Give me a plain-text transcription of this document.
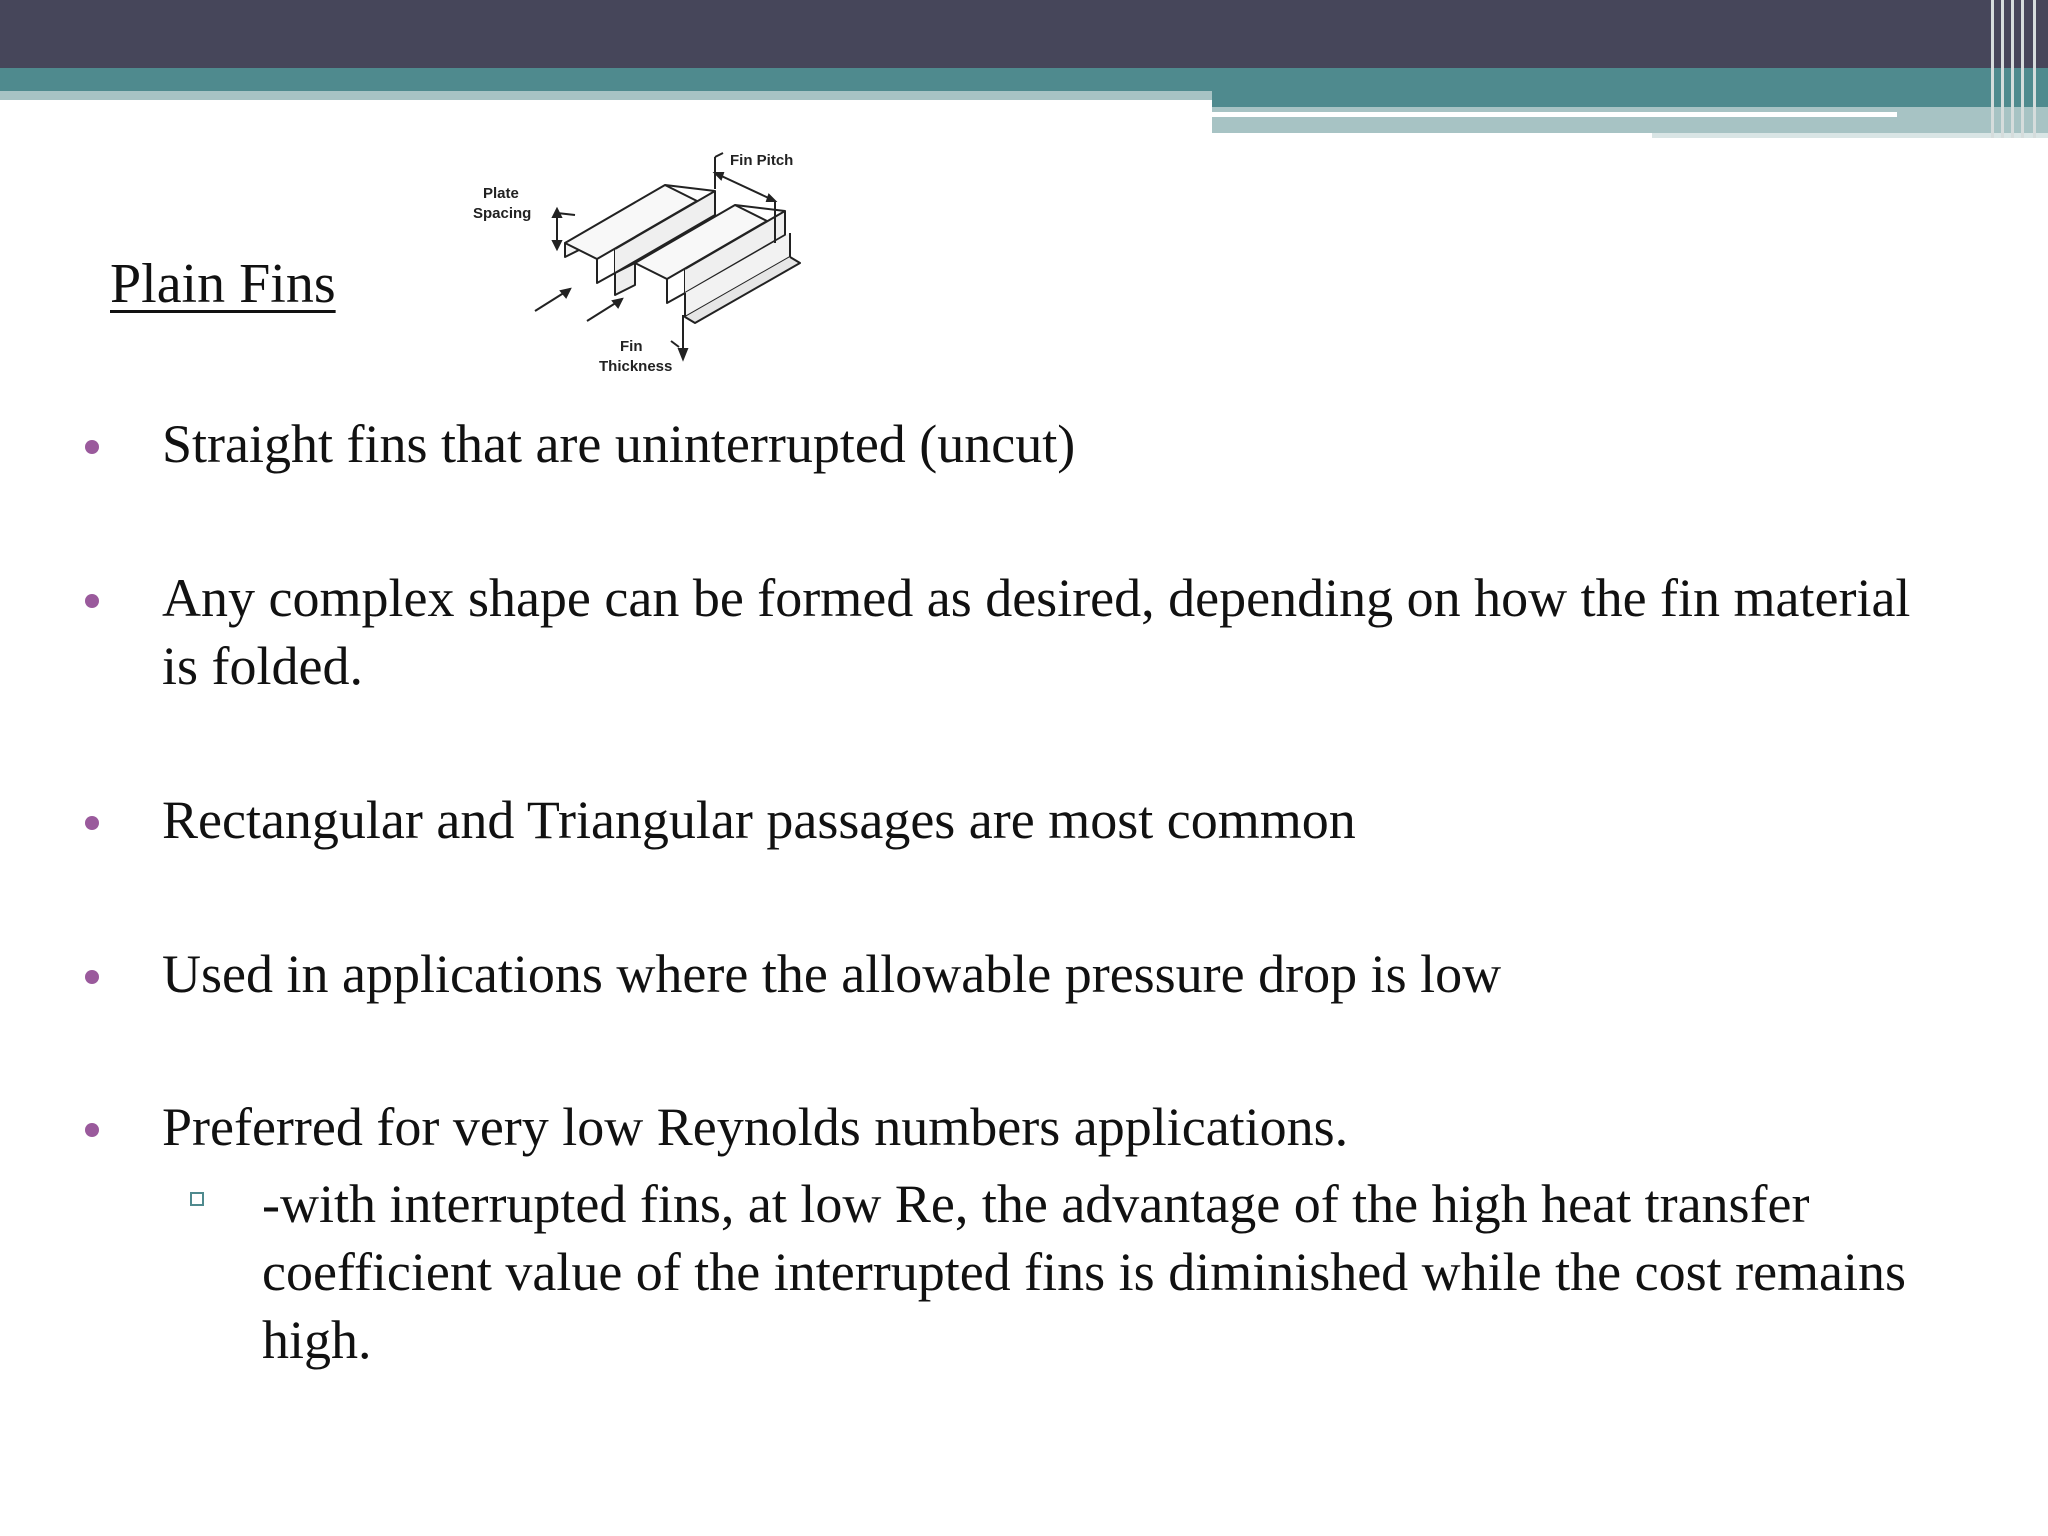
Plain Fins
Fin Pitch
Plate
Spacing
Fin
Thickness
Straight fins that are uninterrupted (uncut)
Any complex shape can be formed as desired, depending on how the fin material is folded.
Rectangular and Triangular passages are most common
Used in applications where the allowable pressure drop is low
Preferred for very low Reynolds numbers applications.
-with interrupted fins, at low Re, the advantage of the high heat transfer coefficient value of the interrupted fins is diminished while the cost remains high.
